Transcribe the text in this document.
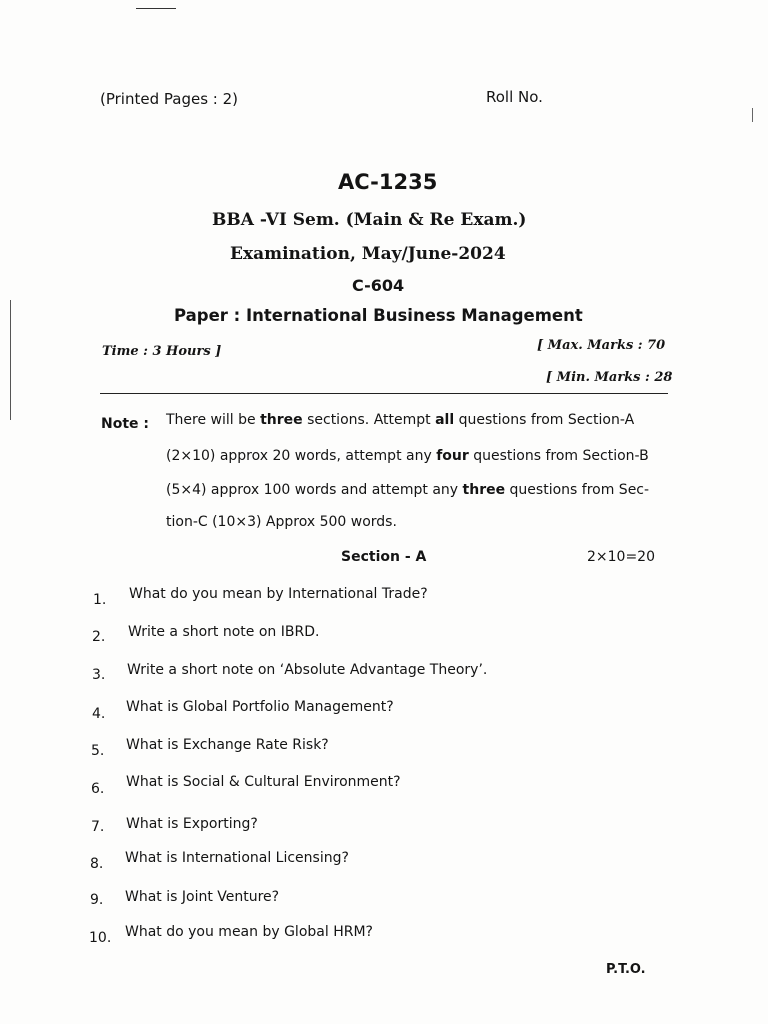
(Printed Pages : 2)	Roll No.
AC-1235
BBA -VI Sem. (Main & Re Exam.)
Examination, May/June-2024
C-604
Paper : International Business Management
Time : 3 Hours ]	[ Max. Marks : 70
[ Min. Marks : 28
Note : There will be three sections. Attempt all questions from Section-A
(2×10) approx 20 words, attempt any four questions from Section-B
(5×4) approx 100 words and attempt any three questions from Sec-
tion-C (10×3) Approx 500 words.
Section - A	2×10=20
1. What do you mean by International Trade?
2. Write a short note on IBRD.
3. Write a short note on ‘Absolute Advantage Theory’.
4. What is Global Portfolio Management?
5. What is Exchange Rate Risk?
6. What is Social & Cultural Environment?
7. What is Exporting?
8. What is International Licensing?
9. What is Joint Venture?
10. What do you mean by Global HRM?
P.T.O.
